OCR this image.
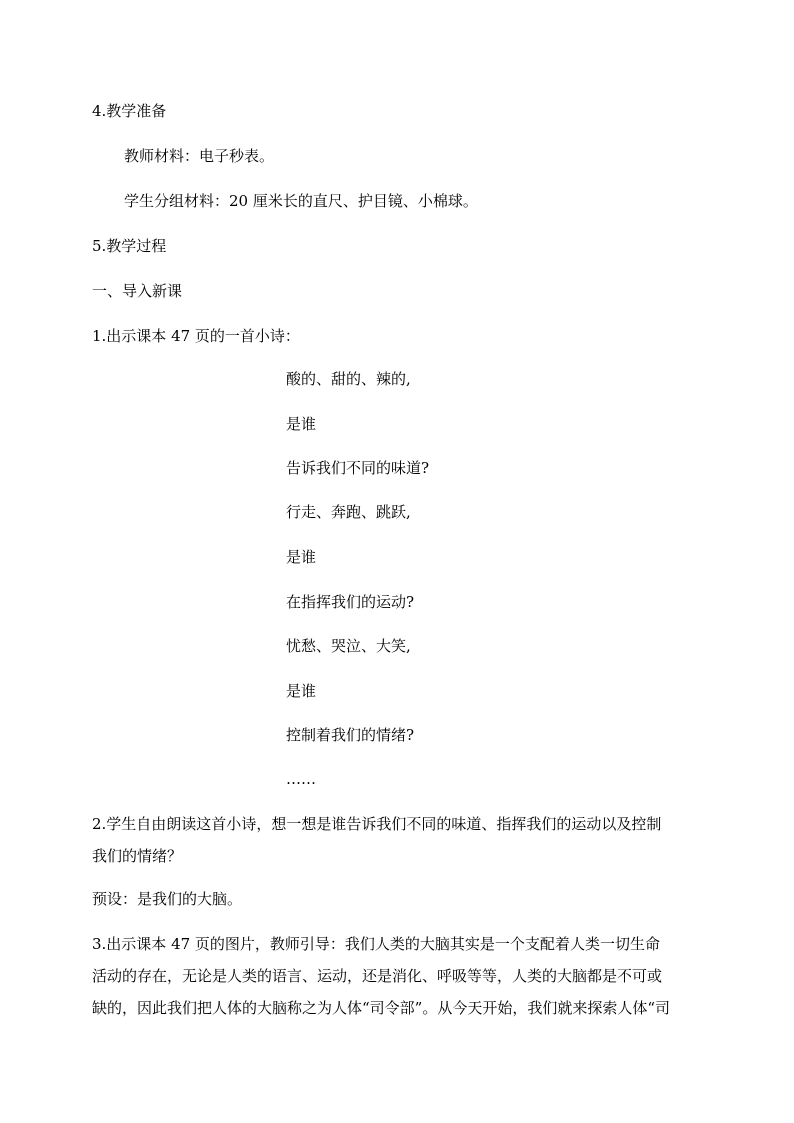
4.教学准备
教师材料：电子秒表。
学生分组材料：20 厘米长的直尺、护目镜、小棉球。
5.教学过程
一、导入新课
1.出示课本 47 页的一首小诗：
酸的、甜的、辣的,
是谁
告诉我们不同的味道?
行走、奔跑、跳跃,
是谁
在指挥我们的运动?
忧愁、哭泣、大笑,
是谁
控制着我们的情绪?
……
2.学生自由朗读这首小诗，想一想是谁告诉我们不同的味道、指挥我们的运动以及控制
我们的情绪？
预设：是我们的大脑。
3.出示课本 47 页的图片，教师引导：我们人类的大脑其实是一个支配着人类一切生命
活动的存在，无论是人类的语言、运动，还是消化、呼吸等等，人类的大脑都是不可或
缺的，因此我们把人体的大脑称之为人体“司令部”。从今天开始，我们就来探索人体“司
